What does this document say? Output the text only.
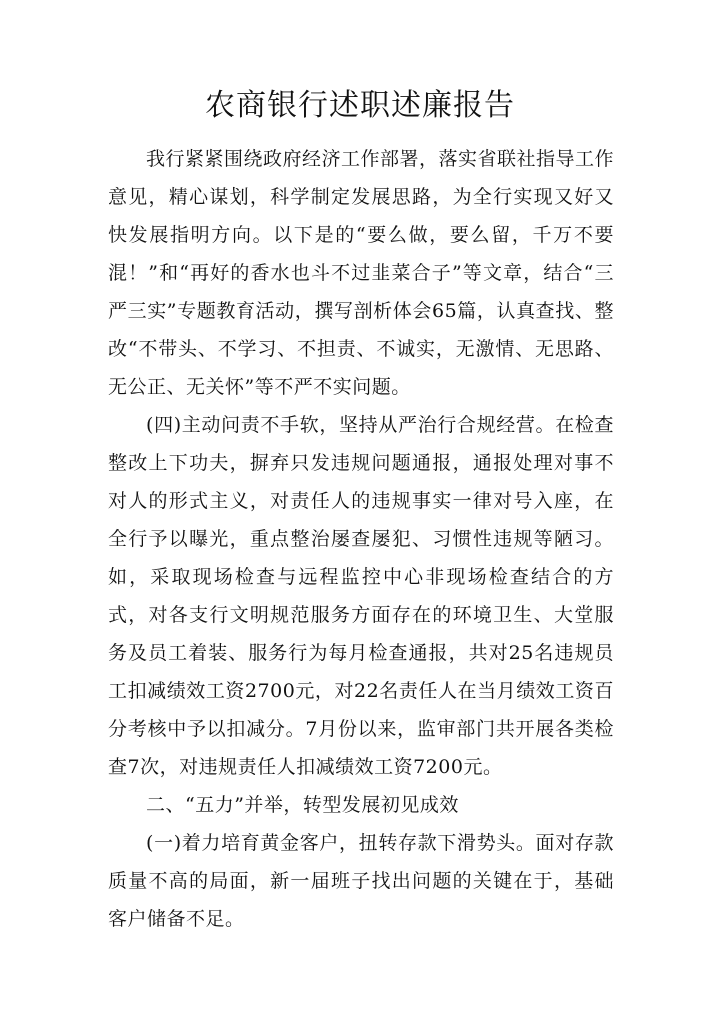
农商银行述职述廉报告

我行紧紧围绕政府经济工作部署，落实省联社指导工作意见，精心谋划，科学制定发展思路，为全行实现又好又快发展指明方向。以下是的“要么做，要么留，千万不要混！”和“再好的香水也斗不过韭菜合子”等文章，结合“三严三实”专题教育活动，撰写剖析体会65篇，认真查找、整改“不带头、不学习、不担责、不诚实，无激情、无思路、无公正、无关怀”等不严不实问题。

(四)主动问责不手软，坚持从严治行合规经营。在检查整改上下功夫，摒弃只发违规问题通报，通报处理对事不对人的形式主义，对责任人的违规事实一律对号入座，在全行予以曝光，重点整治屡查屡犯、习惯性违规等陋习。如，采取现场检查与远程监控中心非现场检查结合的方式，对各支行文明规范服务方面存在的环境卫生、大堂服务及员工着装、服务行为每月检查通报，共对25名违规员工扣减绩效工资2700元，对22名责任人在当月绩效工资百分考核中予以扣减分。7月份以来，监审部门共开展各类检查7次，对违规责任人扣减绩效工资7200元。

二、“五力”并举，转型发展初见成效

(一)着力培育黄金客户，扭转存款下滑势头。面对存款质量不高的局面，新一届班子找出问题的关键在于，基础客户储备不足。
